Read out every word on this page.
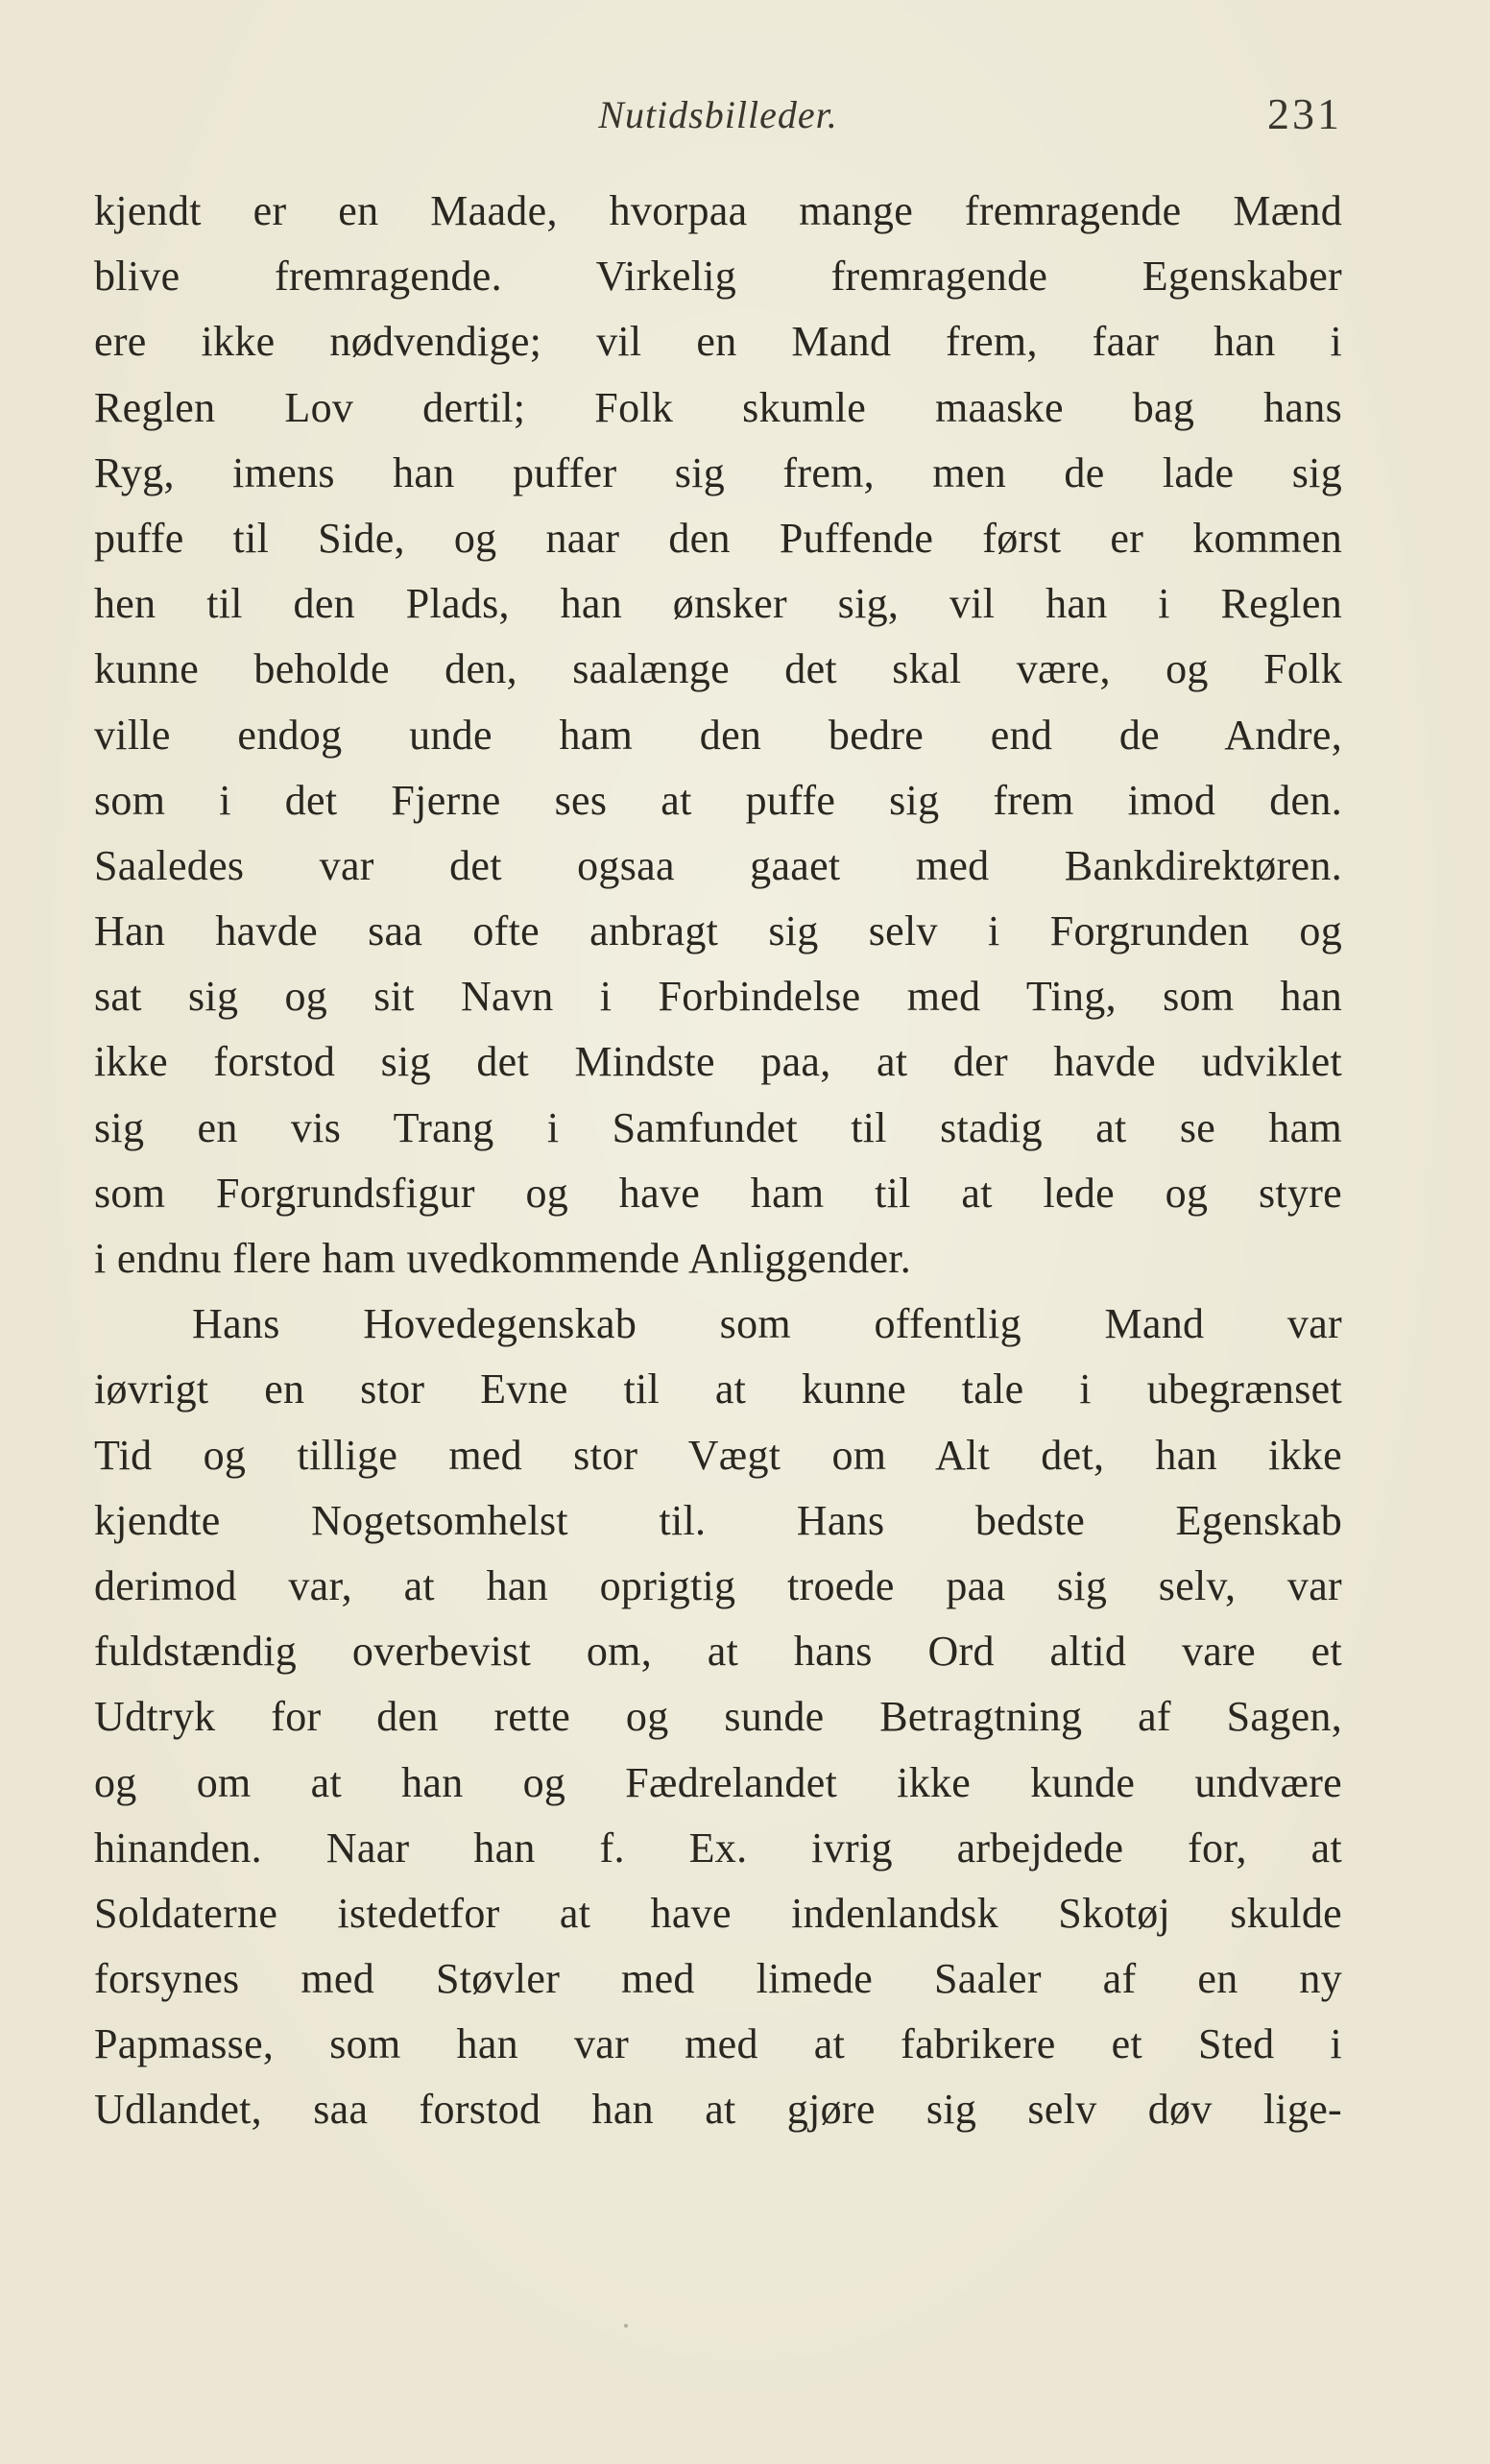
Nutidsbilleder.	231
kjendt er en Maade, hvorpaa mange fremragende Mænd
blive fremragende. Virkelig fremragende Egenskaber
ere ikke nødvendige; vil en Mand frem, faar han i
Reglen Lov dertil; Folk skumle maaske bag hans
Ryg, imens han puffer sig frem, men de lade sig
puffe til Side, og naar den Puffende først er kommen
hen til den Plads, han ønsker sig, vil han i Reglen
kunne beholde den, saalænge det skal være, og Folk
ville endog unde ham den bedre end de Andre,
som i det Fjerne ses at puffe sig frem imod den.
Saaledes var det ogsaa gaaet med Bankdirektøren.
Han havde saa ofte anbragt sig selv i Forgrunden og
sat sig og sit Navn i Forbindelse med Ting, som han
ikke forstod sig det Mindste paa, at der havde udviklet
sig en vis Trang i Samfundet til stadig at se ham
som Forgrundsfigur og have ham til at lede og styre
i endnu flere ham uvedkommende Anliggender.
Hans Hovedegenskab som offentlig Mand var
iøvrigt en stor Evne til at kunne tale i ubegrænset
Tid og tillige med stor Vægt om Alt det, han ikke
kjendte Nogetsomhelst til. Hans bedste Egenskab
derimod var, at han oprigtig troede paa sig selv, var
fuldstændig overbevist om, at hans Ord altid vare et
Udtryk for den rette og sunde Betragtning af Sagen,
og om at han og Fædrelandet ikke kunde undvære
hinanden. Naar han f. Ex. ivrig arbejdede for, at
Soldaterne istedetfor at have indenlandsk Skotøj skulde
forsynes med Støvler med limede Saaler af en ny
Papmasse, som han var med at fabrikere et Sted i
Udlandet, saa forstod han at gjøre sig selv døv lige-
